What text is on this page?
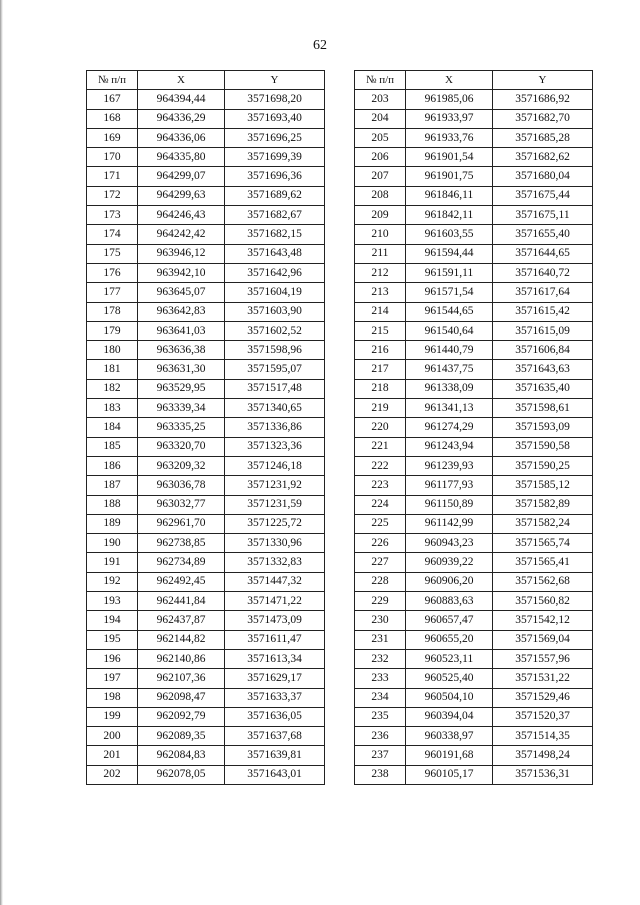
62
№ п/п	X	Y
167	964394,44	3571698,20
168	964336,29	3571693,40
169	964336,06	3571696,25
170	964335,80	3571699,39
171	964299,07	3571696,36
172	964299,63	3571689,62
173	964246,43	3571682,67
174	964242,42	3571682,15
175	963946,12	3571643,48
176	963942,10	3571642,96
177	963645,07	3571604,19
178	963642,83	3571603,90
179	963641,03	3571602,52
180	963636,38	3571598,96
181	963631,30	3571595,07
182	963529,95	3571517,48
183	963339,34	3571340,65
184	963335,25	3571336,86
185	963320,70	3571323,36
186	963209,32	3571246,18
187	963036,78	3571231,92
188	963032,77	3571231,59
189	962961,70	3571225,72
190	962738,85	3571330,96
191	962734,89	3571332,83
192	962492,45	3571447,32
193	962441,84	3571471,22
194	962437,87	3571473,09
195	962144,82	3571611,47
196	962140,86	3571613,34
197	962107,36	3571629,17
198	962098,47	3571633,37
199	962092,79	3571636,05
200	962089,35	3571637,68
201	962084,83	3571639,81
202	962078,05	3571643,01
№ п/п	X	Y
203	961985,06	3571686,92
204	961933,97	3571682,70
205	961933,76	3571685,28
206	961901,54	3571682,62
207	961901,75	3571680,04
208	961846,11	3571675,44
209	961842,11	3571675,11
210	961603,55	3571655,40
211	961594,44	3571644,65
212	961591,11	3571640,72
213	961571,54	3571617,64
214	961544,65	3571615,42
215	961540,64	3571615,09
216	961440,79	3571606,84
217	961437,75	3571643,63
218	961338,09	3571635,40
219	961341,13	3571598,61
220	961274,29	3571593,09
221	961243,94	3571590,58
222	961239,93	3571590,25
223	961177,93	3571585,12
224	961150,89	3571582,89
225	961142,99	3571582,24
226	960943,23	3571565,74
227	960939,22	3571565,41
228	960906,20	3571562,68
229	960883,63	3571560,82
230	960657,47	3571542,12
231	960655,20	3571569,04
232	960523,11	3571557,96
233	960525,40	3571531,22
234	960504,10	3571529,46
235	960394,04	3571520,37
236	960338,97	3571514,35
237	960191,68	3571498,24
238	960105,17	3571536,31
